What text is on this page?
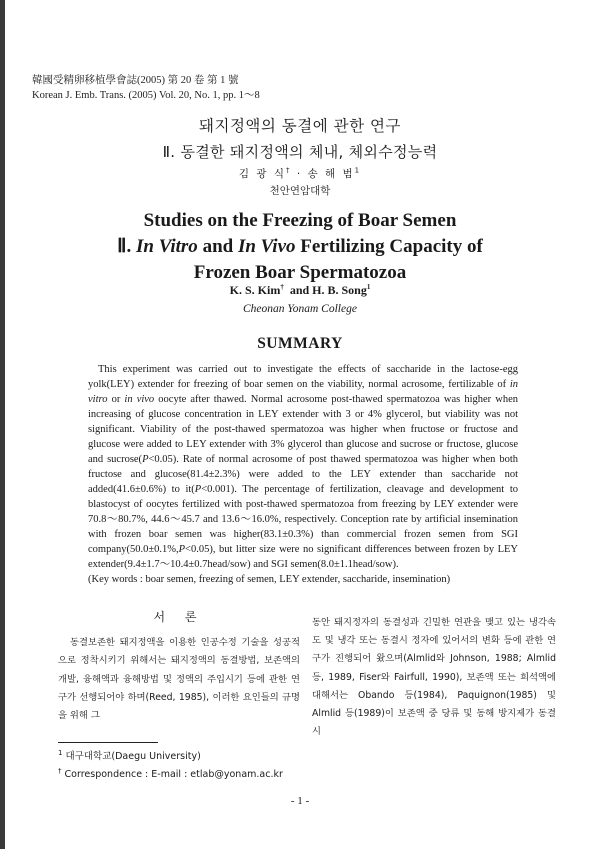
韓國受精卵移植學會誌(2005) 第 20 卷 第 1 號
Korean J. Emb. Trans. (2005) Vol. 20, No. 1, pp. 1～8
돼지정액의 동결에 관한 연구
Ⅱ. 동결한 돼지정액의 체내, 체외수정능력
김 광 식† · 송 해 범$^1$
천안연암대학
Studies on the Freezing of Boar Semen
Ⅱ. In Vitro and In Vivo Fertilizing Capacity of
Frozen Boar Spermatozoa
K. S. Kim† and H. B. Song$^1$
Cheonan Yonam College
SUMMARY
This experiment was carried out to investigate the effects of saccharide in the lactose-egg yolk(LEY) extender for freezing of boar semen on the viability, normal acrosome, fertilizable of in vitro or in vivo oocyte after thawed. Normal acrosome post-thawed spermatozoa was higher when increasing of glucose concentration in LEY extender with 3 or 4% glycerol, but viability was not significant. Viability of the post-thawed spermatozoa was higher when fructose or fructose and glucose were added to LEY extender with 3% glycerol than glucose and sucrose or fructose, glucose and sucrose(P<0.05). Rate of normal acrosome of post thawed spermatozoa was higher when both fructose and glucose(81.4±2.3%) were added to the LEY extender than saccharide not added(41.6±0.6%) to it(P<0.001). The percentage of fertilization, cleavage and development to blastocyst of oocytes fertilized with post-thawed spermatozoa from freezing by LEY extender were 70.8～80.7%, 44.6～45.7 and 13.6～16.0%, respectively. Conception rate by artificial insemination with frozen boar semen was higher(83.1±0.3%) than commercial frozen semen from SGI company(50.0±0.1%,P<0.05), but litter size were no significant differences between frozen by LEY extender(9.4±1.7～10.4±0.7head/sow) and SGI semen(8.0±1.1head/sow).
(Key words : boar semen, freezing of semen, LEY extender, saccharide, insemination)
서 론
동결보존한 돼지정액을 이용한 인공수정 기술을 성공적으로 정착시키기 위해서는 돼지정액의 동결방법, 보존액의 개발, 융해액과 융해방법 및 정액의 주입시기 등에 관한 연구가 선행되어야 하며(Reed, 1985), 이러한 요인들의 규명을 위해 그
동안 돼지정자의 동결성과 긴밀한 연관을 맺고 있는 냉각속도 및 냉각 또는 동결시 정자에 있어서의 변화 등에 관한 연구가 진행되어 왔으며(Almlid와 Johnson, 1988; Almlid 등, 1989, Fiser와 Fairfull, 1990), 보존액 또는 희석액에 대해서는 Obando 등(1984), Paquignon(1985) 및 Almlid 등(1989)이 보존액 중 당류 및 동해 방지제가 동결시
$^1$ 대구대학교(Daegu University)
† Correspondence : E-mail : etlab@yonam.ac.kr
- 1 -
